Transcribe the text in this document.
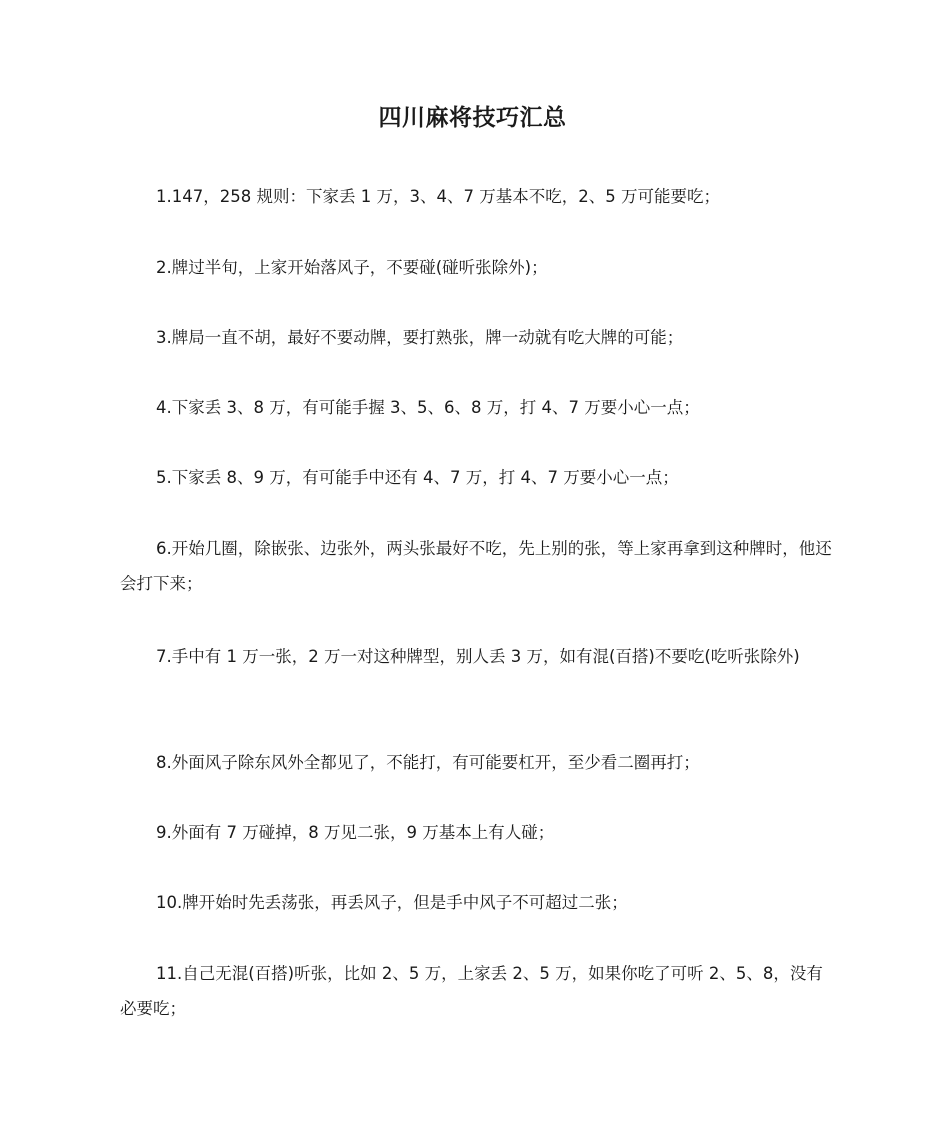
四川麻将技巧汇总

1.147，258 规则：下家丢 1 万，3、4、7 万基本不吃，2、5 万可能要吃；

2.牌过半旬，上家开始落风子，不要碰(碰听张除外)；

3.牌局一直不胡，最好不要动牌，要打熟张，牌一动就有吃大牌的可能；

4.下家丢 3、8 万，有可能手握 3、5、6、8 万，打 4、7 万要小心一点；

5.下家丢 8、9 万，有可能手中还有 4、7 万，打 4、7 万要小心一点；

6.开始几圈，除嵌张、边张外，两头张最好不吃，先上别的张，等上家再拿到这种牌时，他还会打下来；

7.手中有 1 万一张，2 万一对这种牌型，别人丢 3 万，如有混(百搭)不要吃(吃听张除外)

8.外面风子除东风外全都见了，不能打，有可能要杠开，至少看二圈再打；

9.外面有 7 万碰掉，8 万见二张，9 万基本上有人碰；

10.牌开始时先丢荡张，再丢风子，但是手中风子不可超过二张；

11.自己无混(百搭)听张，比如 2、5 万，上家丢 2、5 万，如果你吃了可听 2、5、8，没有必要吃；
